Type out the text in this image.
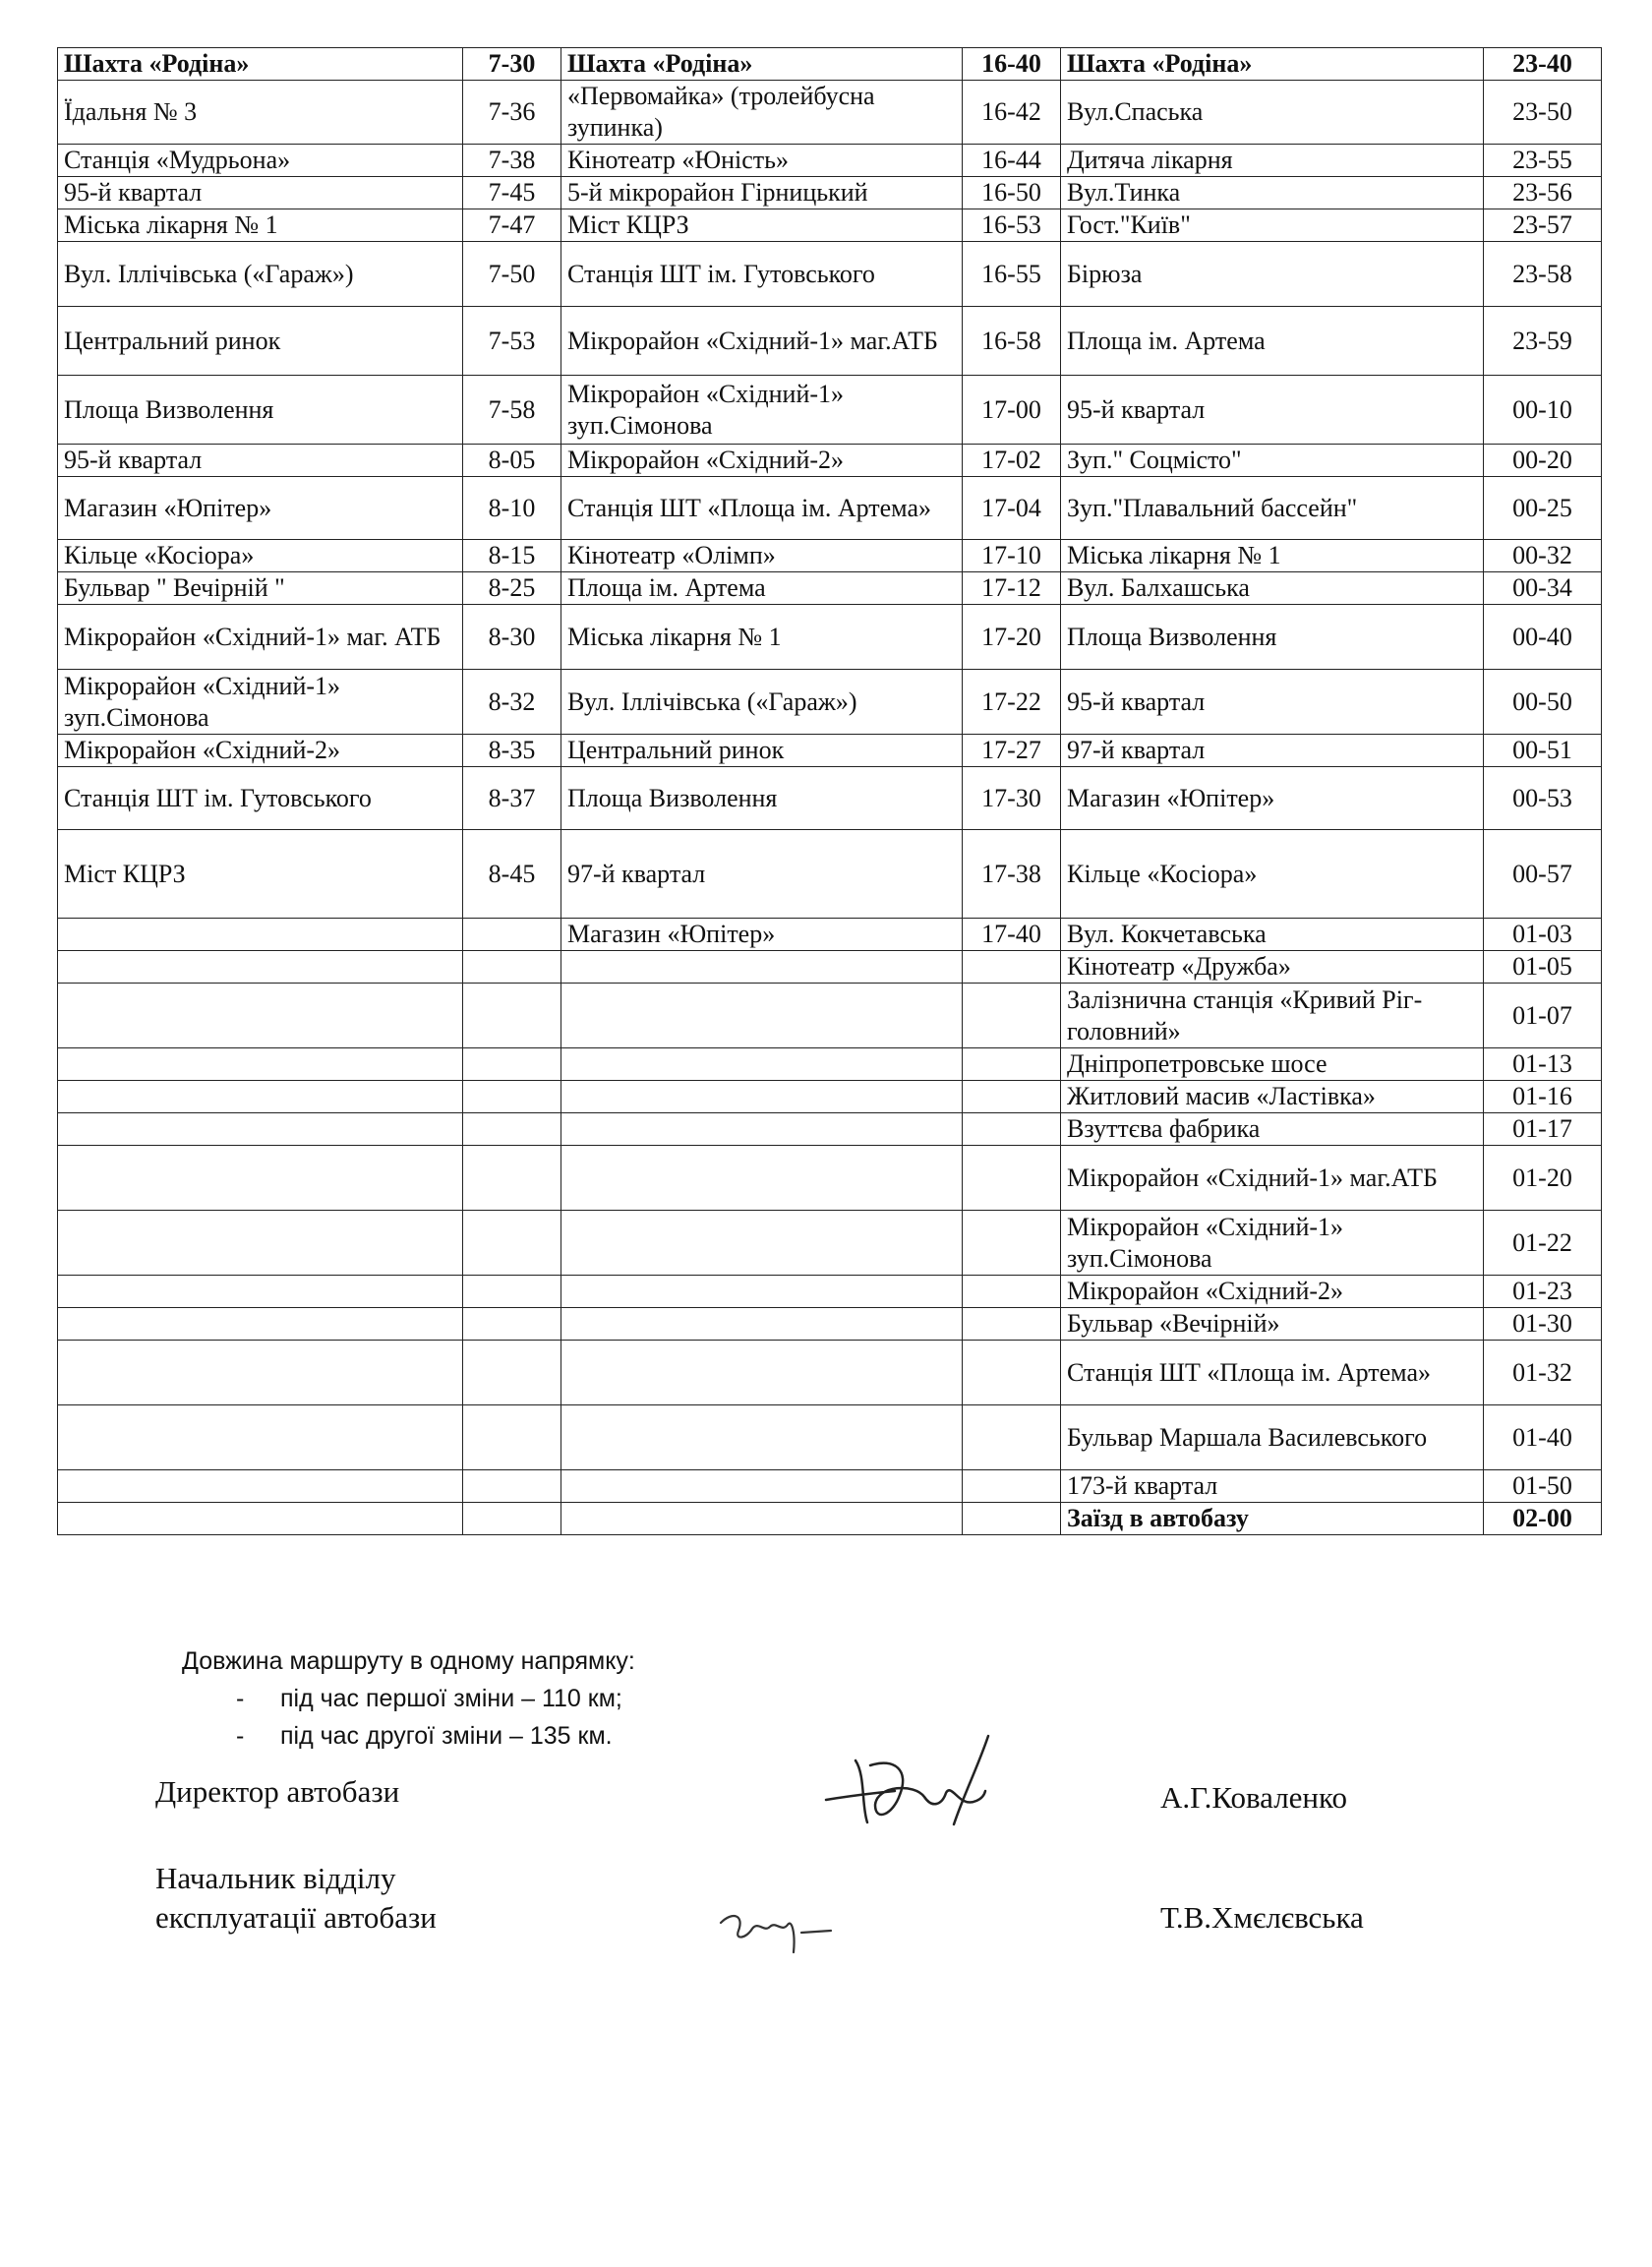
Шахта «Родіна»	7-30	Шахта «Родіна»	16-40	Шахта «Родіна»	23-40
Їдальня № 3	7-36	«Первомайка» (тролейбусна зупинка)	16-42	Вул.Спаська	23-50
Станція «Мудрьона»	7-38	Кінотеатр «Юність»	16-44	Дитяча лікарня	23-55
95-й квартал	7-45	5-й мікрорайон Гірницький	16-50	Вул.Тинка	23-56
Міська лікарня № 1	7-47	Міст КЦРЗ	16-53	Гост."Київ"	23-57
Вул. Іллічівська («Гараж»)	7-50	Станція ШТ ім. Гутовського	16-55	Бірюза	23-58
Центральний ринок	7-53	Мікрорайон «Східний-1» маг.АТБ	16-58	Площа ім. Артема	23-59
Площа Визволення	7-58	Мікрорайон «Східний-1» зуп.Сімонова	17-00	95-й квартал	00-10
95-й квартал	8-05	Мікрорайон «Східний-2»	17-02	Зуп." Соцмісто"	00-20
Магазин «Юпітер»	8-10	Станція ШТ «Площа ім. Артема»	17-04	Зуп."Плавальний бассейн"	00-25
Кільце «Косіора»	8-15	Кінотеатр «Олімп»	17-10	Міська лікарня № 1	00-32
Бульвар " Вечірній "	8-25	Площа ім. Артема	17-12	Вул. Балхашська	00-34
Мікрорайон «Східний-1» маг. АТБ	8-30	Міська лікарня № 1	17-20	Площа Визволення	00-40
Мікрорайон «Східний-1» зуп.Сімонова	8-32	Вул. Іллічівська («Гараж»)	17-22	95-й квартал	00-50
Мікрорайон «Східний-2»	8-35	Центральний ринок	17-27	97-й квартал	00-51
Станція ШТ ім. Гутовського	8-37	Площа Визволення	17-30	Магазин «Юпітер»	00-53
Міст КЦРЗ	8-45	97-й квартал	17-38	Кільце «Косіора»	00-57
		Магазин «Юпітер»	17-40	Вул. Кокчетавська	01-03
				Кінотеатр «Дружба»	01-05
				Залізнична станція «Кривий Ріг-головний»	01-07
				Дніпропетровське шосе	01-13
				Житловий масив «Ластівка»	01-16
				Взуттєва фабрика	01-17
				Мікрорайон «Східний-1» маг.АТБ	01-20
				Мікрорайон «Східний-1» зуп.Сімонова	01-22
				Мікрорайон «Східний-2»	01-23
				Бульвар «Вечірній»	01-30
				Станція ШТ «Площа ім. Артема»	01-32
				Бульвар Маршала Василевського	01-40
				173-й квартал	01-50
				Заїзд в автобазу	02-00
Довжина маршруту в одному напрямку:
- під час першої зміни – 110 км;
- під час другої зміни – 135 км.
Директор автобази	А.Г.Коваленко
Начальник відділу
експлуатації автобази	Т.В.Хмєлєвська
